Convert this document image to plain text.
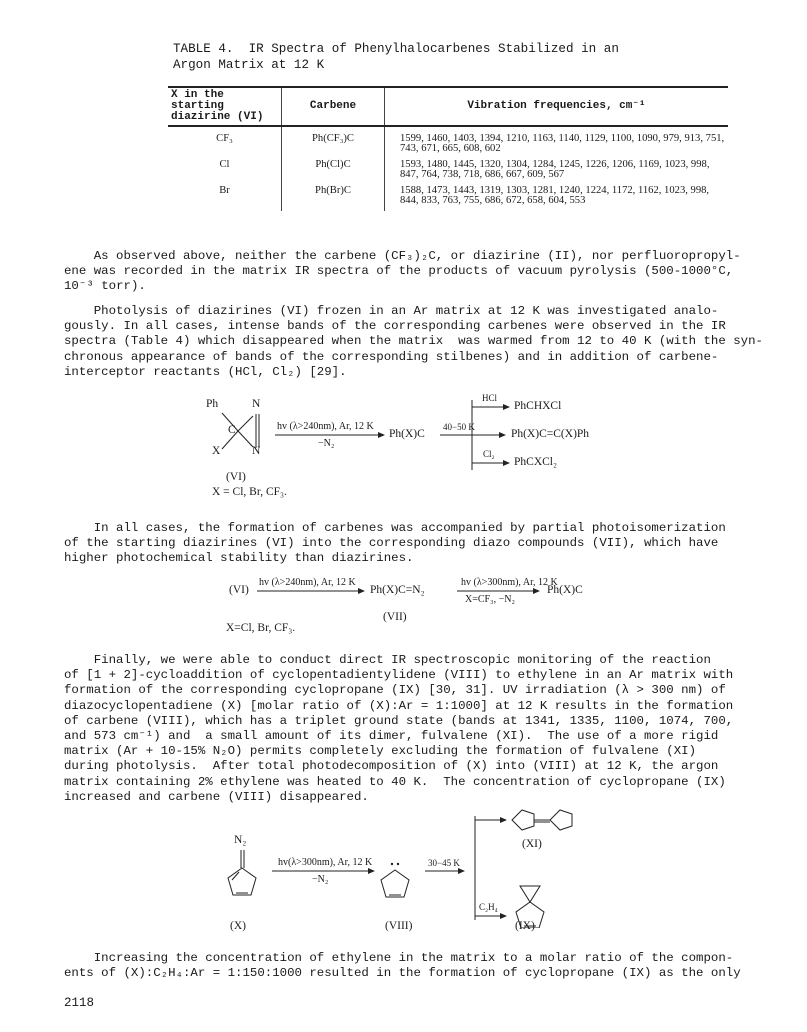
TABLE 4.  IR Spectra of Phenylhalocarbenes Stabilized in an
Argon Matrix at 12 K
X in the starting diazirine (VI)	Carbene	Vibration frequencies, cm⁻¹
CF₃	Ph(CF₃)C	1599, 1460, 1403, 1394, 1210, 1163, 1140, 1129, 1100, 1090, 979, 913, 751, 743, 671, 665, 608, 602
Cl	Ph(Cl)C	1593, 1480, 1445, 1320, 1304, 1284, 1245, 1226, 1206, 1169, 1023, 998, 847, 764, 738, 718, 686, 667, 609, 567
Br	Ph(Br)C	1588, 1473, 1443, 1319, 1303, 1281, 1240, 1224, 1172, 1162, 1023, 998, 844, 833, 763, 755, 686, 672, 658, 604, 553
As observed above, neither the carbene (CF₃)₂C, or diazirine (II), nor perfluoropropyl-
ene was recorded in the matrix IR spectra of the products of vacuum pyrolysis (500-1000°C,
10⁻³ torr).
Photolysis of diazirines (VI) frozen in an Ar matrix at 12 K was investigated analo-
gously. In all cases, intense bands of the corresponding carbenes were observed in the IR
spectra (Table 4) which disappeared when the matrix  was warmed from 12 to 40 K (with the syn-
chronous appearance of bands of the corresponding stilbenes) and in addition of carbene-
interceptor reactants (HCl, Cl₂) [29].
Ph	N
C
X	N
hv (λ>240nm), Ar, 12 K
−N₂
Ph(X)C
40−50 K
HCl
PhCHXCl
Ph(X)C=C(X)Ph
Cl₂
PhCXCl₂
(VI)
X = Cl, Br, CF₃.
In all cases, the formation of carbenes was accompanied by partial photoisomerization
of the starting diazirines (VI) into the corresponding diazo compounds (VII), which have
higher photochemical stability than diazirines.
(VI)
hv (λ>240nm), Ar, 12 K
Ph(X)C=N₂
(VII)
hv (λ>300nm), Ar, 12 K
X=CF₃, −N₂
Ph(X)C
X=Cl, Br, CF₃.
Finally, we were able to conduct direct IR spectroscopic monitoring of the reaction
of [1 + 2]-cycloaddition of cyclopentadientylidene (VIII) to ethylene in an Ar matrix with
formation of the corresponding cyclopropane (IX) [30, 31]. UV irradiation (λ > 300 nm) of
diazocyclopentadiene (X) [molar ratio of (X):Ar = 1:1000] at 12 K results in the formation
of carbene (VIII), which has a triplet ground state (bands at 1341, 1335, 1100, 1074, 700,
and 573 cm⁻¹) and  a small amount of its dimer, fulvalene (XI).  The use of a more rigid
matrix (Ar + 10-15% N₂O) permits completely excluding the formation of fulvalene (XI)
during photolysis.  After total photodecomposition of (X) into (VIII) at 12 K, the argon
matrix containing 2% ethylene was heated to 40 K.  The concentration of cyclopropane (IX)
increased and carbene (VIII) disappeared.
N₂
hv(λ>300nm), Ar, 12 K
−N₂
30−45 K
C₂H₄
(XI)
(X)	(VIII)	(IX)
Increasing the concentration of ethylene in the matrix to a molar ratio of the compon-
ents of (X):C₂H₄:Ar = 1:150:1000 resulted in the formation of cyclopropane (IX) as the only
2118
